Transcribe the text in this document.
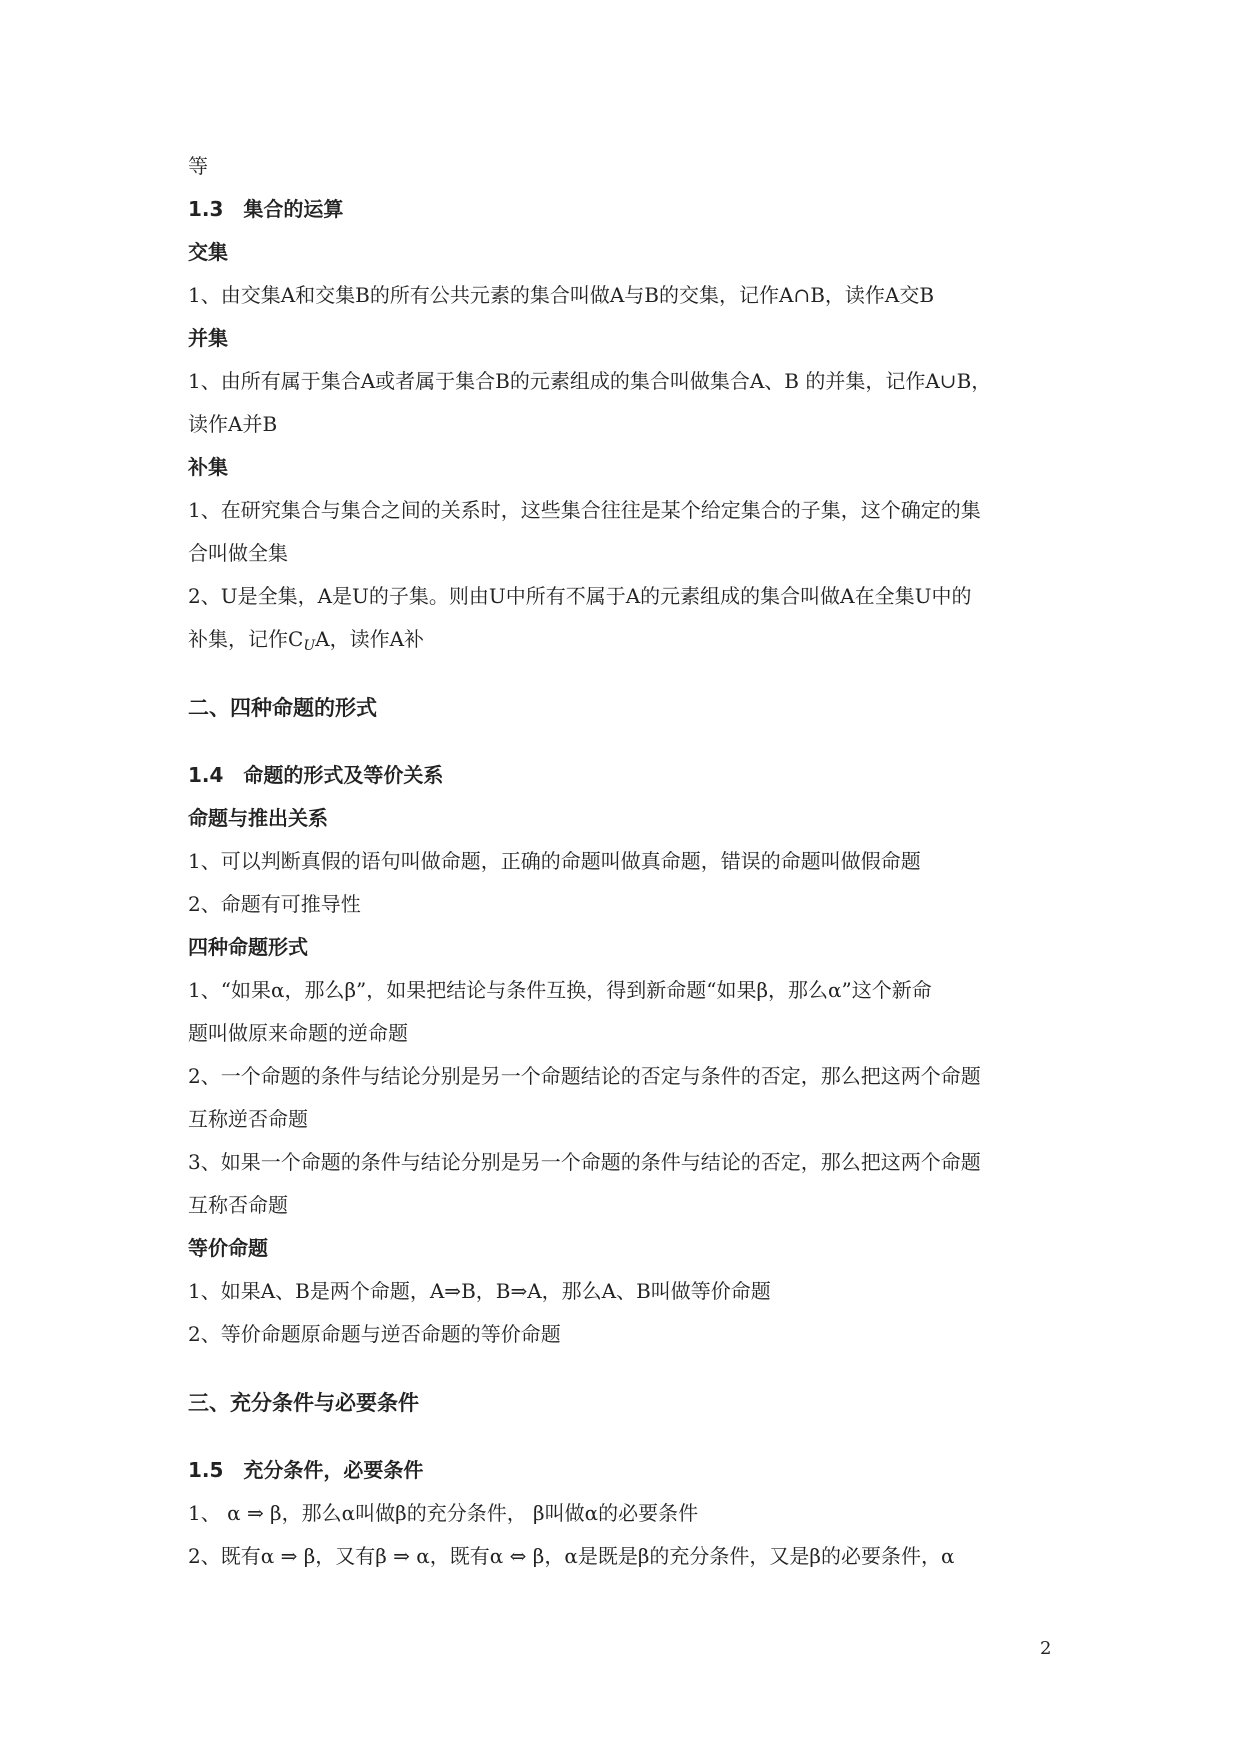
等

1.3　集合的运算

交集

1、由交集A和交集B的所有公共元素的集合叫做A与B的交集，记作A∩B，读作A交B

并集

1、由所有属于集合A或者属于集合B的元素组成的集合叫做集合A、B 的并集，记作A∪B，

读作A并B

补集

1、在研究集合与集合之间的关系时，这些集合往往是某个给定集合的子集，这个确定的集

合叫做全集

2、U是全集，A是U的子集。则由U中所有不属于A的元素组成的集合叫做A在全集U中的

补集，记作$C_UA$，读作A补

二、四种命题的形式

1.4　命题的形式及等价关系

命题与推出关系

1、可以判断真假的语句叫做命题，正确的命题叫做真命题，错误的命题叫做假命题

2、命题有可推导性

四种命题形式

1、“如果α，那么β”，如果把结论与条件互换，得到新命题“如果β，那么α”这个新命

题叫做原来命题的逆命题

2、一个命题的条件与结论分别是另一个命题结论的否定与条件的否定，那么把这两个命题

互称逆否命题

3、如果一个命题的条件与结论分别是另一个命题的条件与结论的否定，那么把这两个命题

互称否命题

等价命题

1、如果A、B是两个命题，A⇒B，B⇒A，那么A、B叫做等价命题

2、等价命题原命题与逆否命题的等价命题

三、充分条件与必要条件

1.5　充分条件，必要条件

1、 α ⇒ β，那么α叫做β的充分条件， β叫做α的必要条件

2、既有α ⇒ β，又有β ⇒ α，既有α ⇔ β，α是既是β的充分条件，又是β的必要条件，α

2
